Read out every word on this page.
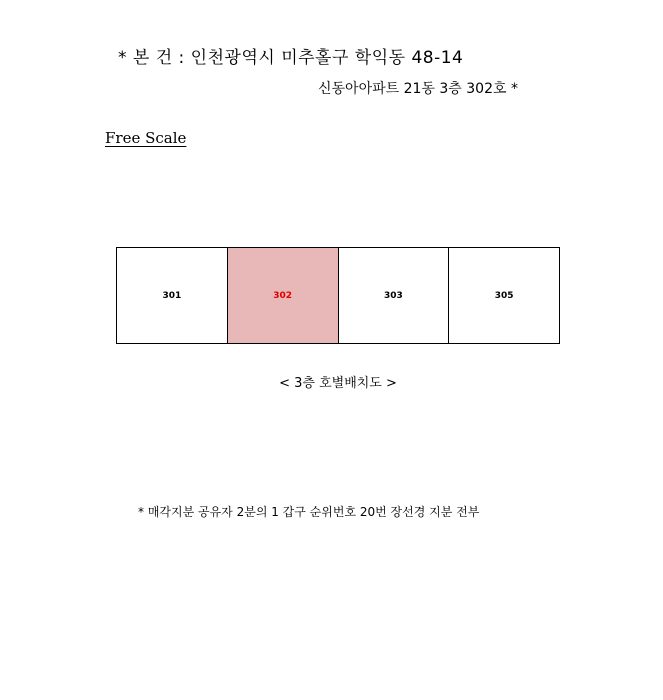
* 본 건 : 인천광역시 미추홀구 학익동 48-14
신동아아파트 21동 3층 302호 *
Free Scale
301	302	303	305
< 3층 호별배치도 >
* 매각지분 공유자 2분의 1 갑구 순위번호 20번 장선경 지분 전부
